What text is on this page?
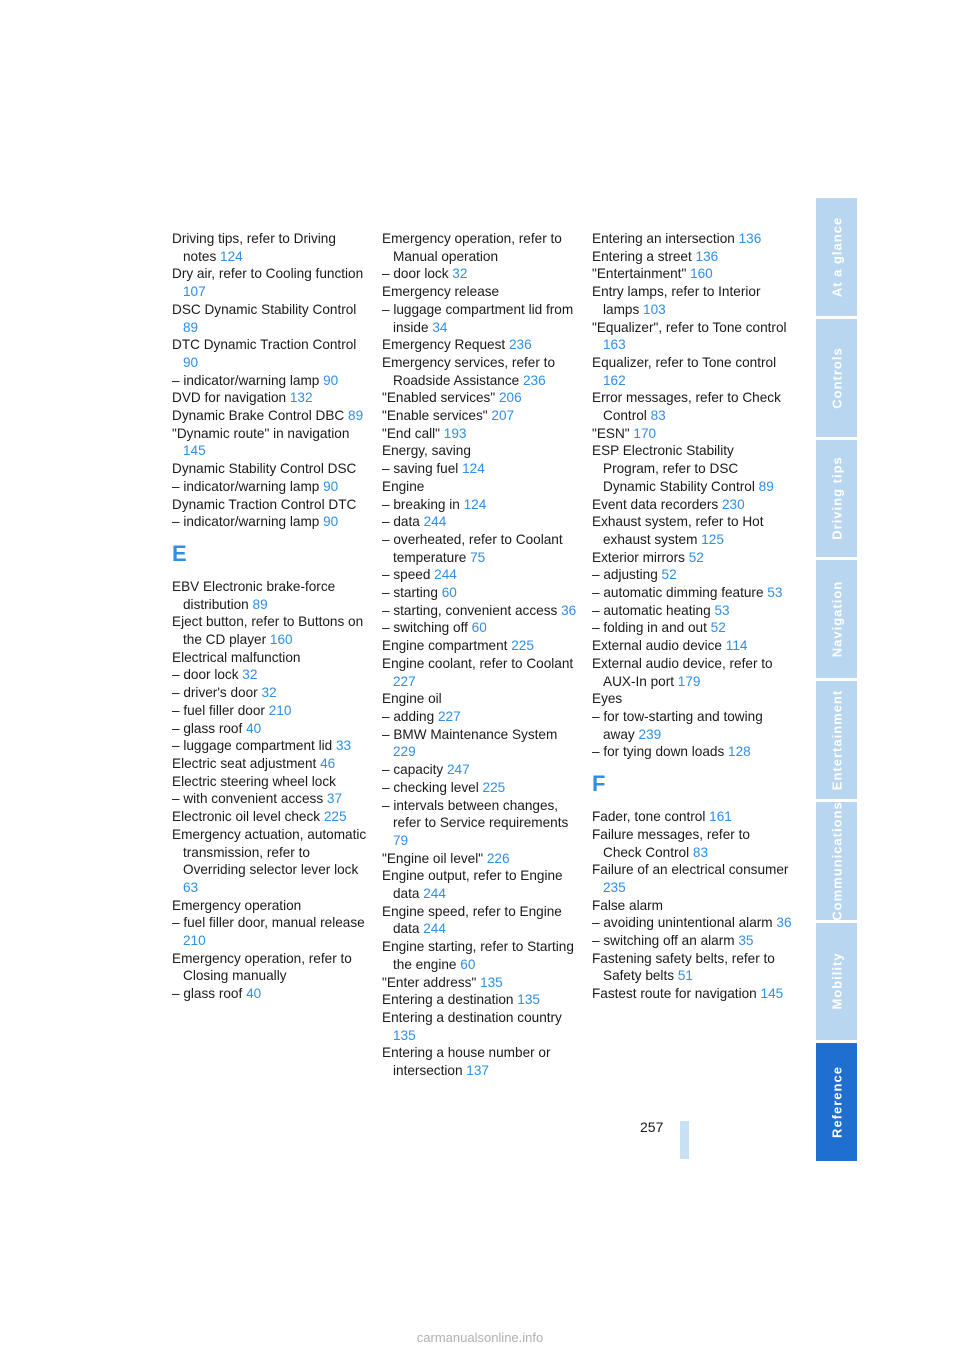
Driving tips, refer to Driving notes 124
Dry air, refer to Cooling function 107
DSC Dynamic Stability Control 89
DTC Dynamic Traction Control 90
– indicator/warning lamp 90
DVD for navigation 132
Dynamic Brake Control DBC 89
"Dynamic route" in navigation 145
Dynamic Stability Control DSC
– indicator/warning lamp 90
Dynamic Traction Control DTC
– indicator/warning lamp 90
E
EBV Electronic brake-force distribution 89
Eject button, refer to Buttons on the CD player 160
Electrical malfunction
– door lock 32
– driver's door 32
– fuel filler door 210
– glass roof 40
– luggage compartment lid 33
Electric seat adjustment 46
Electric steering wheel lock
– with convenient access 37
Electronic oil level check 225
Emergency actuation, automatic transmission, refer to Overriding selector lever lock 63
Emergency operation
– fuel filler door, manual release 210
Emergency operation, refer to Closing manually
– glass roof 40
Emergency operation, refer to Manual operation
– door lock 32
Emergency release
– luggage compartment lid from inside 34
Emergency Request 236
Emergency services, refer to Roadside Assistance 236
"Enabled services" 206
"Enable services" 207
"End call" 193
Energy, saving
– saving fuel 124
Engine
– breaking in 124
– data 244
– overheated, refer to Coolant temperature 75
– speed 244
– starting 60
– starting, convenient access 36
– switching off 60
Engine compartment 225
Engine coolant, refer to Coolant 227
Engine oil
– adding 227
– BMW Maintenance System 229
– capacity 247
– checking level 225
– intervals between changes, refer to Service requirements 79
"Engine oil level" 226
Engine output, refer to Engine data 244
Engine speed, refer to Engine data 244
Engine starting, refer to Starting the engine 60
"Enter address" 135
Entering a destination 135
Entering a destination country 135
Entering a house number or intersection 137
Entering an intersection 136
Entering a street 136
"Entertainment" 160
Entry lamps, refer to Interior lamps 103
"Equalizer", refer to Tone control 163
Equalizer, refer to Tone control 162
Error messages, refer to Check Control 83
"ESN" 170
ESP Electronic Stability Program, refer to DSC Dynamic Stability Control 89
Event data recorders 230
Exhaust system, refer to Hot exhaust system 125
Exterior mirrors 52
– adjusting 52
– automatic dimming feature 53
– automatic heating 53
– folding in and out 52
External audio device 114
External audio device, refer to AUX-In port 179
Eyes
– for tow-starting and towing away 239
– for tying down loads 128
F
Fader, tone control 161
Failure messages, refer to Check Control 83
Failure of an electrical consumer 235
False alarm
– avoiding unintentional alarm 36
– switching off an alarm 35
Fastening safety belts, refer to Safety belts 51
Fastest route for navigation 145
At a glance
Controls
Driving tips
Navigation
Entertainment
Communications
Mobility
Reference
257
carmanualsonline.info
